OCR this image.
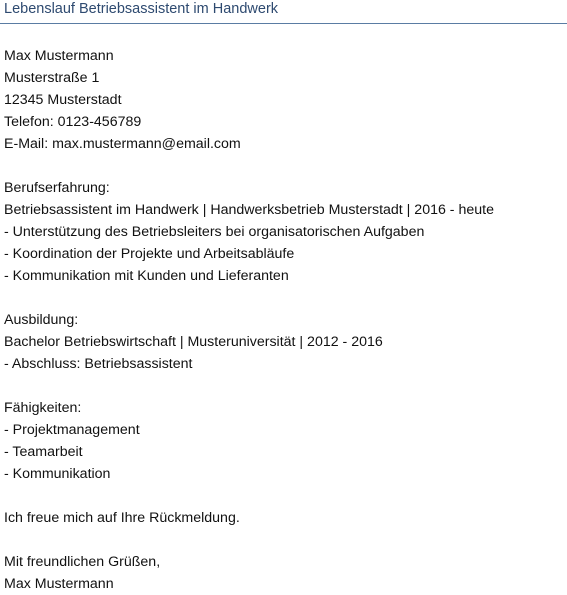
Lebenslauf Betriebsassistent im Handwerk
Max Mustermann
Musterstraße 1
12345 Musterstadt
Telefon: 0123-456789
E-Mail: max.mustermann@email.com
Berufserfahrung:
Betriebsassistent im Handwerk | Handwerksbetrieb Musterstadt | 2016 - heute
- Unterstützung des Betriebsleiters bei organisatorischen Aufgaben
- Koordination der Projekte und Arbeitsabläufe
- Kommunikation mit Kunden und Lieferanten
Ausbildung:
Bachelor Betriebswirtschaft | Musteruniversität | 2012 - 2016
- Abschluss: Betriebsassistent
Fähigkeiten:
- Projektmanagement
- Teamarbeit
- Kommunikation
Ich freue mich auf Ihre Rückmeldung.
Mit freundlichen Grüßen,
Max Mustermann
